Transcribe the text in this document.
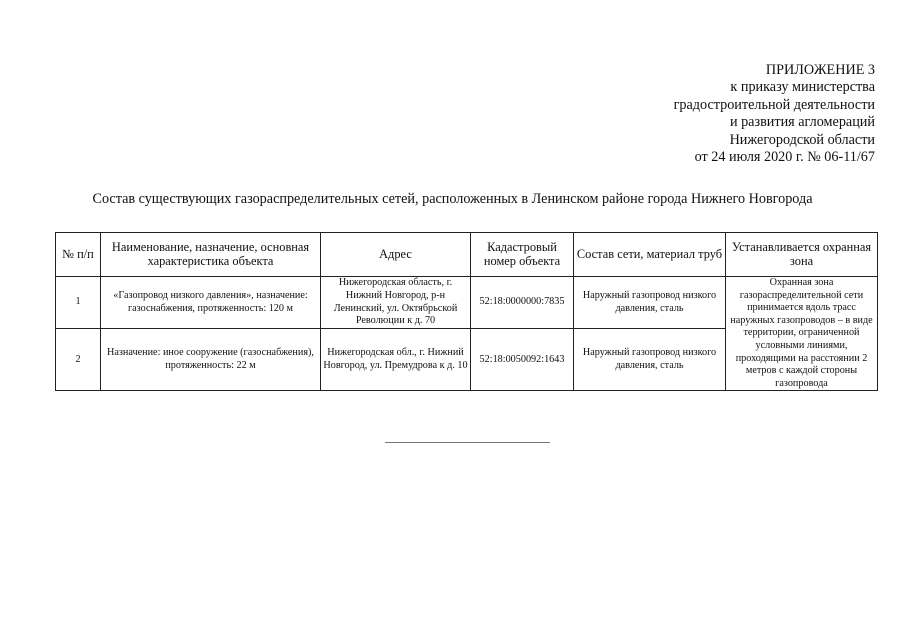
ПРИЛОЖЕНИЕ 3
к приказу министерства
градостроительной деятельности
и развития агломераций
Нижегородской области
от 24 июля 2020 г. № 06-11/67
Состав существующих газораспределительных сетей, расположенных в Ленинском районе города Нижнего Новгорода
№ п/п	Наименование, назначение, основная характеристика объекта	Адрес	Кадастровый номер объекта	Состав сети, материал труб	Устанавливается охранная зона
1	«Газопровод низкого давления», назначение: газоснабжения, протяженность: 120 м	Нижегородская область, г. Нижний Новгород, р-н Ленинский, ул. Октябрьской Революции к д. 70	52:18:0000000:7835	Наружный газопровод низкого давления, сталь	Охранная зона газораспределительной сети принимается вдоль трасс наружных газопроводов – в виде территории, ограниченной условными линиями, проходящими на расстоянии 2 метров с каждой стороны газопровода
2	Назначение: иное сооружение (газоснабжения), протяженность: 22 м	Нижегородская обл., г. Нижний Новгород, ул. Премудрова к д. 10	52:18:0050092:1643	Наружный газопровод низкого давления, сталь	
